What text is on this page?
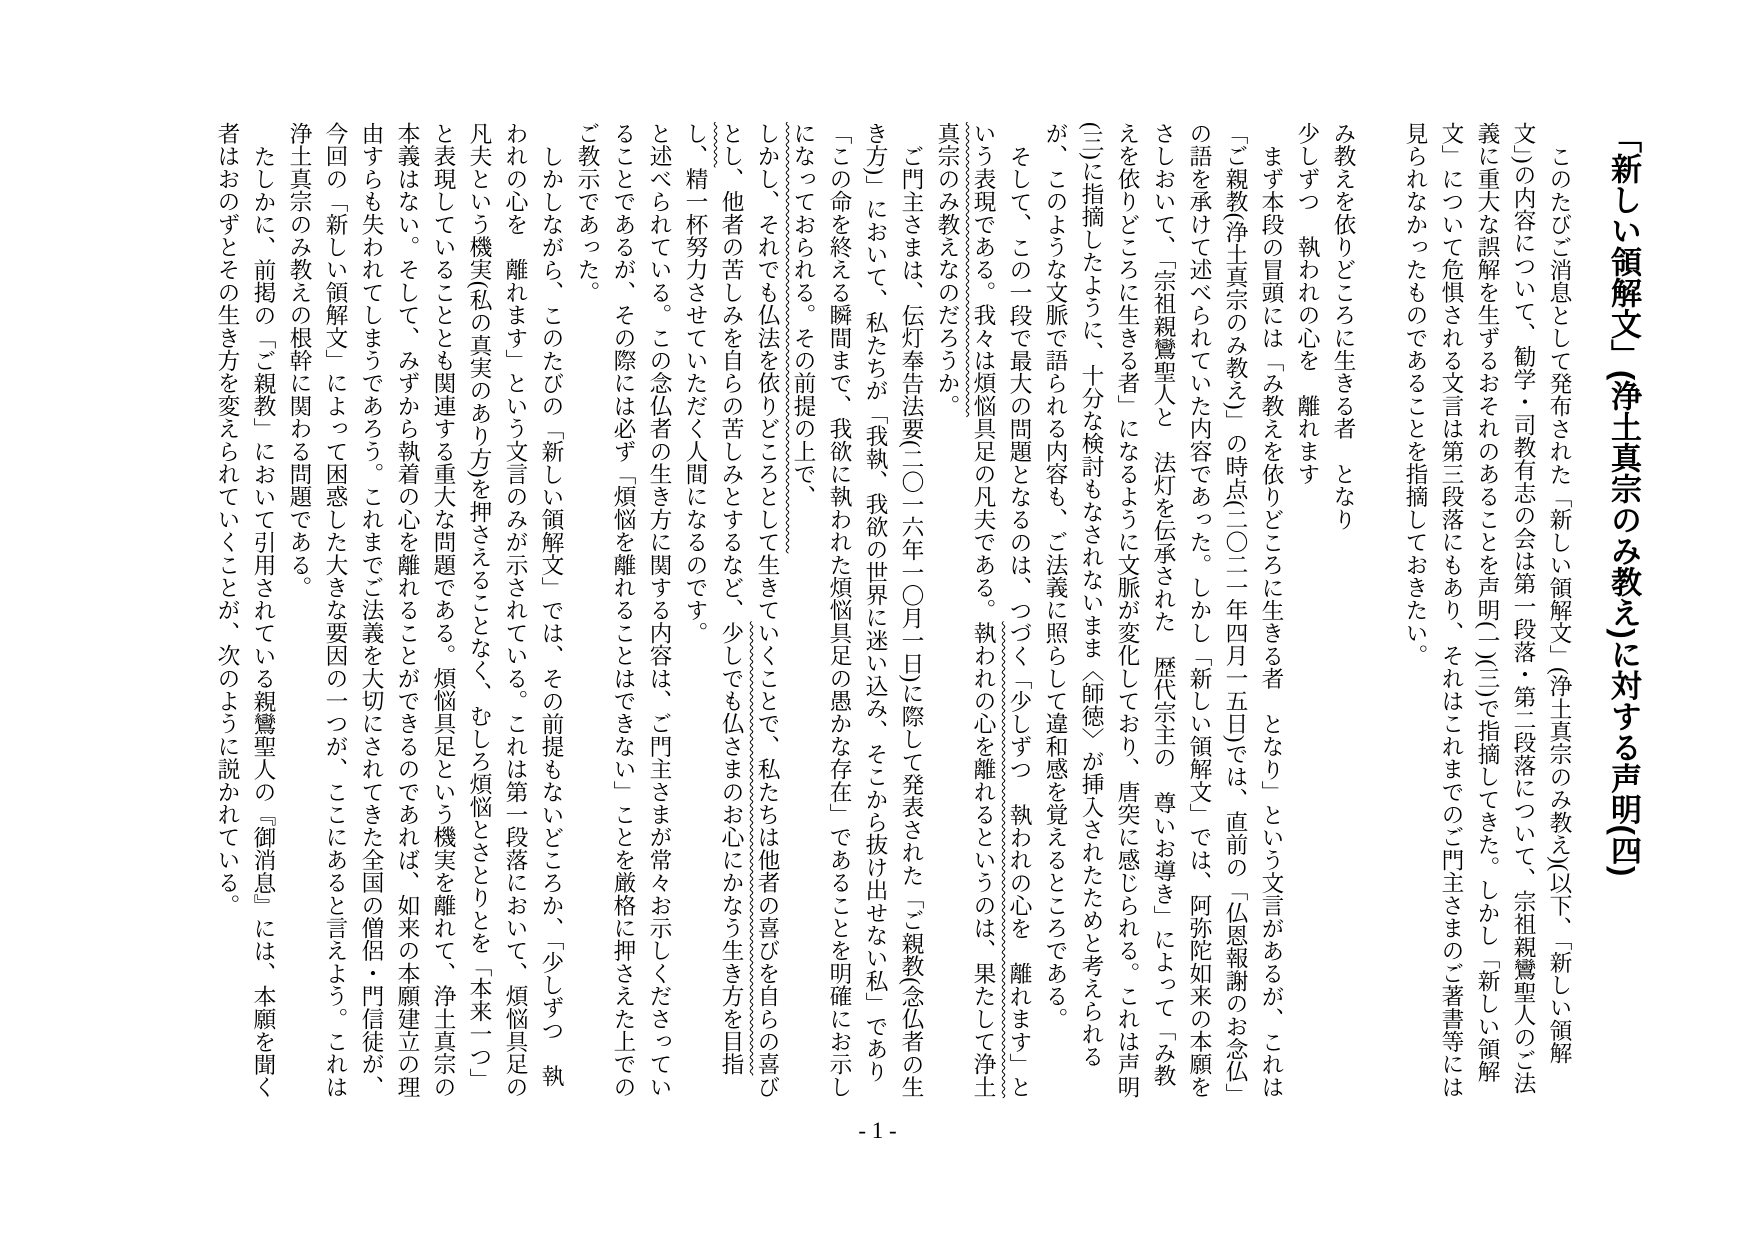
「新しい領解文」(浄土真宗のみ教え)に対する声明(四)

このたびご消息として発布された「新しい領解文」(浄土真宗のみ教え)(以下、「新しい領解文」)の内容について、勧学・司教有志の会は第一段落・第二段落について、宗祖親鸞聖人のご法義に重大な誤解を生ずるおそれのあることを声明(一)(三)で指摘してきた。しかし「新しい領解文」について危惧される文言は第三段落にもあり、それはこれまでのご門主さまのご著書等には見られなかったものであることを指摘しておきたい。

み教えを依りどころに生きる者　となり

少しずつ　執われの心を　離れます

まず本段の冒頭には「み教えを依りどころに生きる者　となり」という文言があるが、これは「ご親教(浄土真宗のみ教え)」の時点(二〇二一年四月一五日)では、直前の「仏恩報謝のお念仏」の語を承けて述べられていた内容であった。しかし「新しい領解文」では、阿弥陀如来の本願をさしおいて、「宗祖親鸞聖人と　法灯を伝承された　歴代宗主の　尊いお導き」によって「み教えを依りどころに生きる者」になるように文脈が変化しており、唐突に感じられる。これは声明(三)に指摘したように、十分な検討もなされないまま〈師徳〉が挿入されたためと考えられるが、このような文脈で語られる内容も、ご法義に照らして違和感を覚えるところである。

そして、この一段で最大の問題となるのは、つづく「少しずつ　執われの心を　離れます」という表現である。我々は煩悩具足の凡夫である。執われの心を離れるというのは、果たして浄土真宗のみ教えなのだろうか。

ご門主さまは、伝灯奉告法要(二〇一六年一〇月一日)に際して発表された「ご親教(念仏者の生き方)」において、私たちが「我執、我欲の世界に迷い込み、そこから抜け出せない私」であり「この命を終える瞬間まで、我欲に執われた煩悩具足の愚かな存在」であることを明確にお示しになっておられる。その前提の上で、

しかし、それでも仏法を依りどころとして生きていくことで、私たちは他者の喜びを自らの喜びとし、他者の苦しみを自らの苦しみとするなど、少しでも仏さまのお心にかなう生き方を目指し、精一杯努力させていただく人間になるのです。

と述べられている。この念仏者の生き方に関する内容は、ご門主さまが常々お示しくださっていることであるが、その際には必ず「煩悩を離れることはできない」ことを厳格に押さえた上でのご教示であった。

しかしながら、このたびの「新しい領解文」では、その前提もないどころか、「少しずつ　執われの心を　離れます」という文言のみが示されている。これは第一段落において、煩悩具足の凡夫という機実(私の真実のあり方)を押さえることなく、むしろ煩悩とさとりとを「本来一つ」と表現していることとも関連する重大な問題である。煩悩具足という機実を離れて、浄土真宗の本義はない。そして、みずから執着の心を離れることができるのであれば、如来の本願建立の理由すらも失われてしまうであろう。これまでご法義を大切にされてきた全国の僧侶・門信徒が、今回の「新しい領解文」によって困惑した大きな要因の一つが、ここにあると言えよう。これは浄土真宗のみ教えの根幹に関わる問題である。

たしかに、前掲の「ご親教」において引用されている親鸞聖人の『御消息』には、本願を聞く者はおのずとその生き方を変えられていくことが、次のように説かれている。

- 1 -
